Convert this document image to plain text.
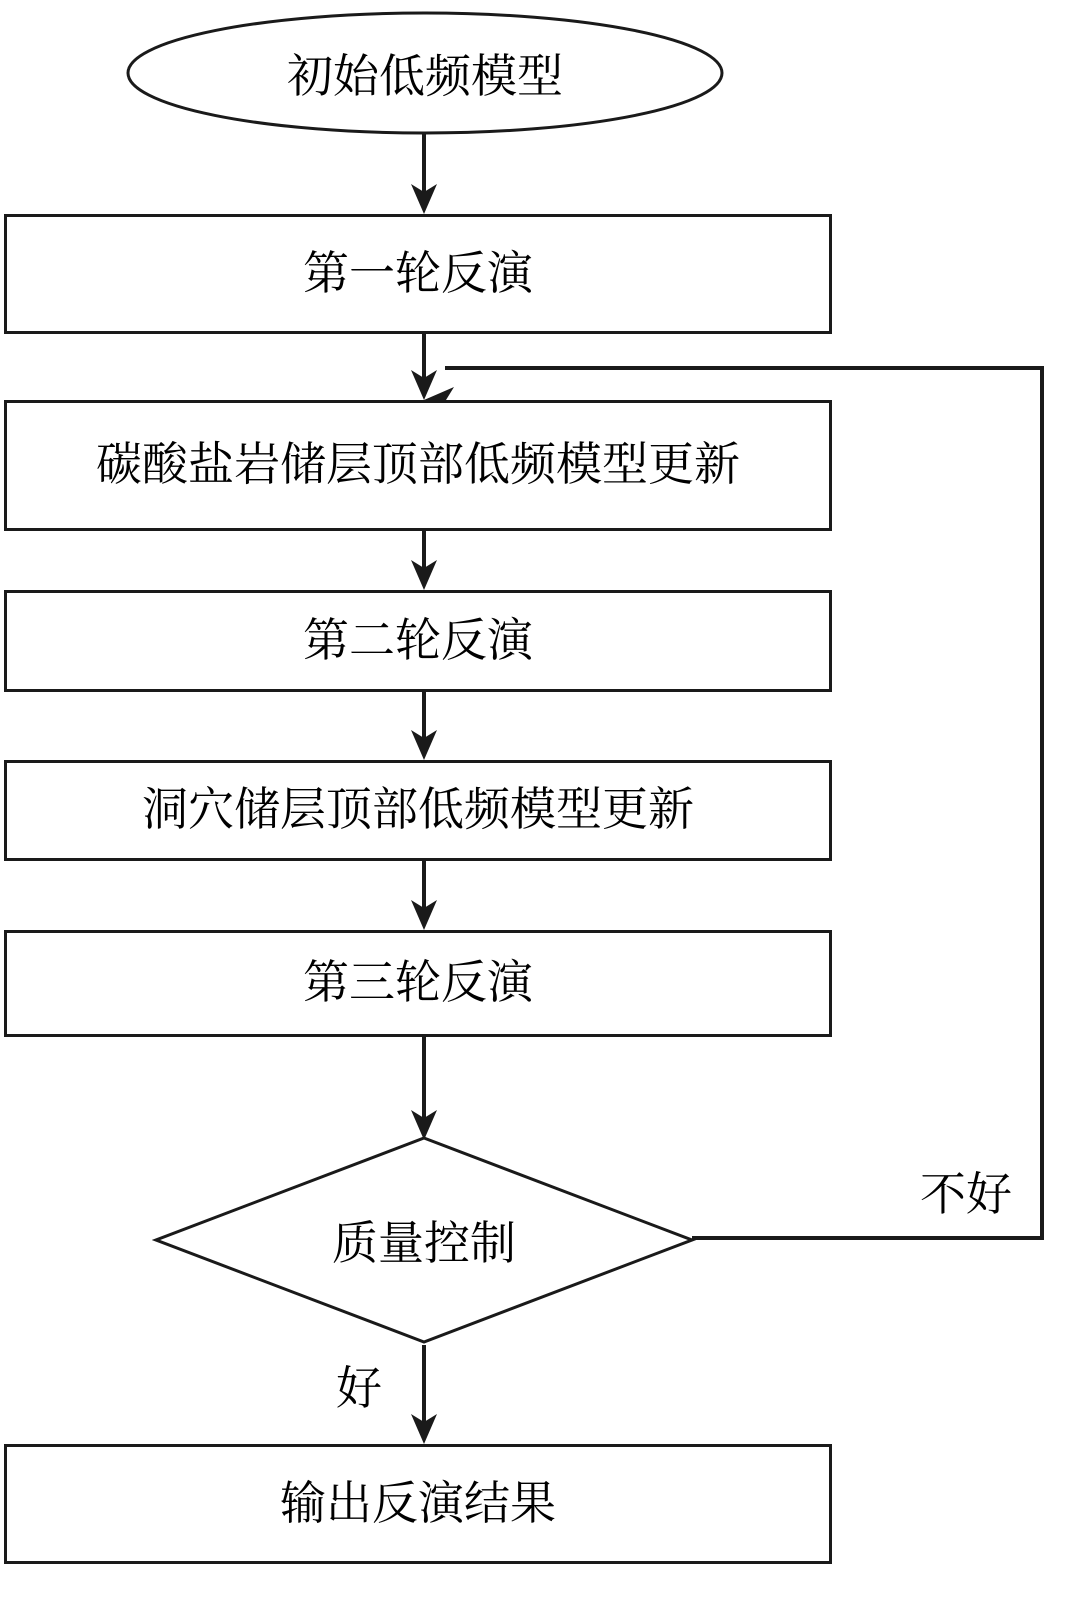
初始低频模型
第一轮反演
碳酸盐岩储层顶部低频模型更新
第二轮反演
洞穴储层顶部低频模型更新
第三轮反演
质量控制
输出反演结果
不好
好
